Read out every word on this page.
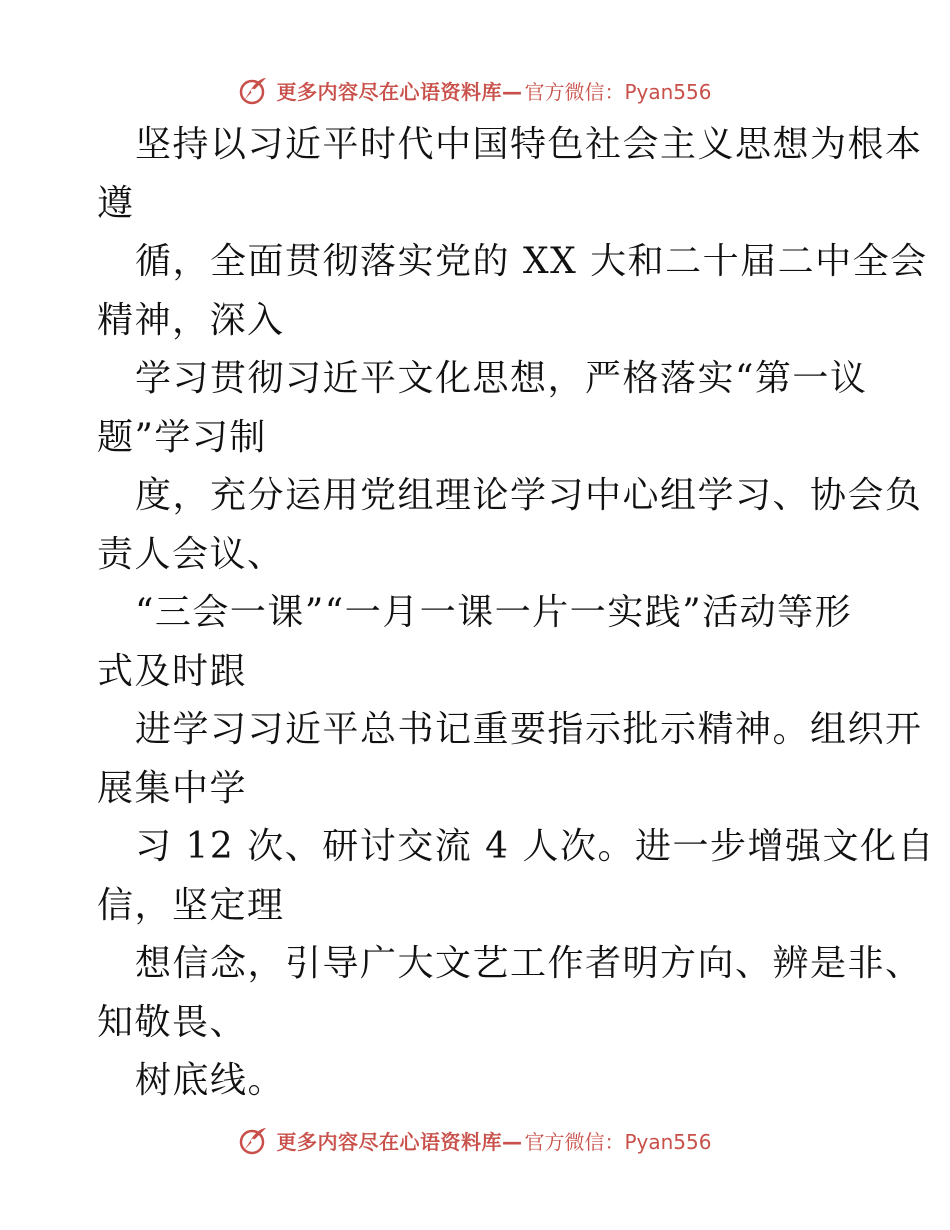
更多内容尽在心语资料库— 官方微信：Pyan556
坚持以习近平时代中国特色社会主义思想为根本
遵
循，全面贯彻落实党的 XX 大和二十届二中全会
精神，深入
学习贯彻习近平文化思想，严格落实“第一议
题”学习制
度，充分运用党组理论学习中心组学习、协会负
责人会议、
“三会一课”“一月一课一片一实践”活动等形
式及时跟
进学习习近平总书记重要指示批示精神。组织开
展集中学
习 12 次、研讨交流 4 人次。进一步增强文化自
信，坚定理
想信念，引导广大文艺工作者明方向、辨是非、
知敬畏、
树底线。
更多内容尽在心语资料库— 官方微信：Pyan556
